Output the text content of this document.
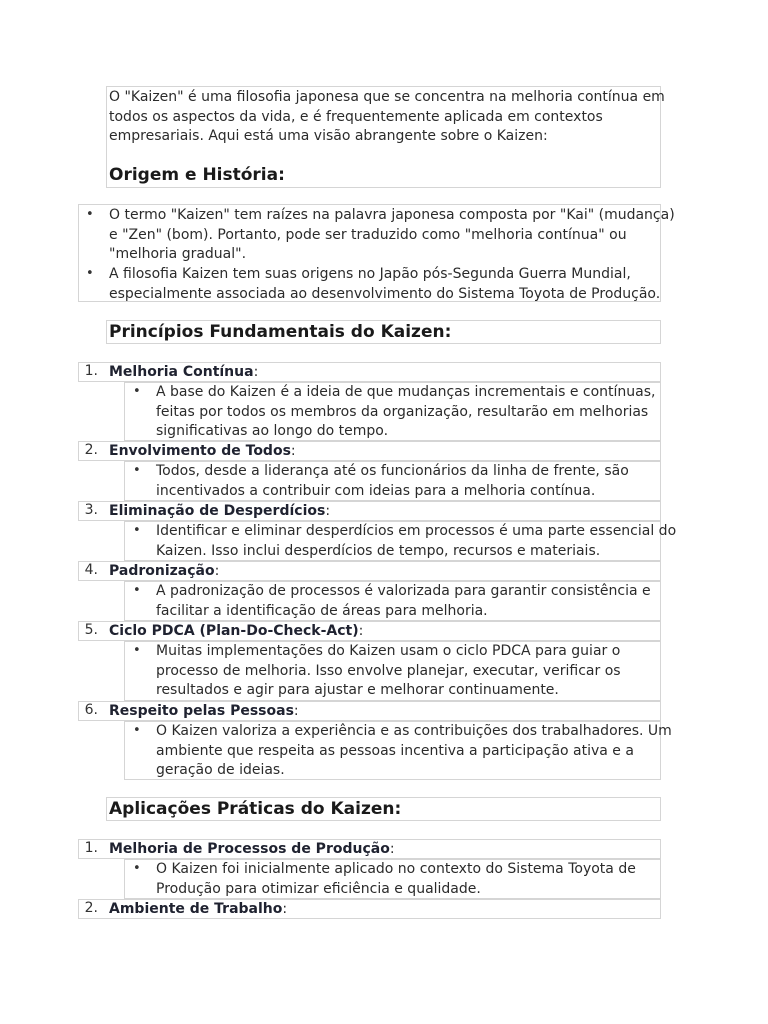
O "Kaizen" é uma filosofia japonesa que se concentra na melhoria contínua em
todos os aspectos da vida, e é frequentemente aplicada em contextos
empresariais. Aqui está uma visão abrangente sobre o Kaizen:
Origem e História:
• O termo "Kaizen" tem raízes na palavra japonesa composta por "Kai" (mudança)
e "Zen" (bom). Portanto, pode ser traduzido como "melhoria contínua" ou
"melhoria gradual".
• A filosofia Kaizen tem suas origens no Japão pós-Segunda Guerra Mundial,
especialmente associada ao desenvolvimento do Sistema Toyota de Produção.
Princípios Fundamentais do Kaizen:
1. Melhoria Contínua:
• A base do Kaizen é a ideia de que mudanças incrementais e contínuas,
feitas por todos os membros da organização, resultarão em melhorias
significativas ao longo do tempo.
2. Envolvimento de Todos:
• Todos, desde a liderança até os funcionários da linha de frente, são
incentivados a contribuir com ideias para a melhoria contínua.
3. Eliminação de Desperdícios:
• Identificar e eliminar desperdícios em processos é uma parte essencial do
Kaizen. Isso inclui desperdícios de tempo, recursos e materiais.
4. Padronização:
• A padronização de processos é valorizada para garantir consistência e
facilitar a identificação de áreas para melhoria.
5. Ciclo PDCA (Plan-Do-Check-Act):
• Muitas implementações do Kaizen usam o ciclo PDCA para guiar o
processo de melhoria. Isso envolve planejar, executar, verificar os
resultados e agir para ajustar e melhorar continuamente.
6. Respeito pelas Pessoas:
• O Kaizen valoriza a experiência e as contribuições dos trabalhadores. Um
ambiente que respeita as pessoas incentiva a participação ativa e a
geração de ideias.
Aplicações Práticas do Kaizen:
1. Melhoria de Processos de Produção:
• O Kaizen foi inicialmente aplicado no contexto do Sistema Toyota de
Produção para otimizar eficiência e qualidade.
2. Ambiente de Trabalho:
